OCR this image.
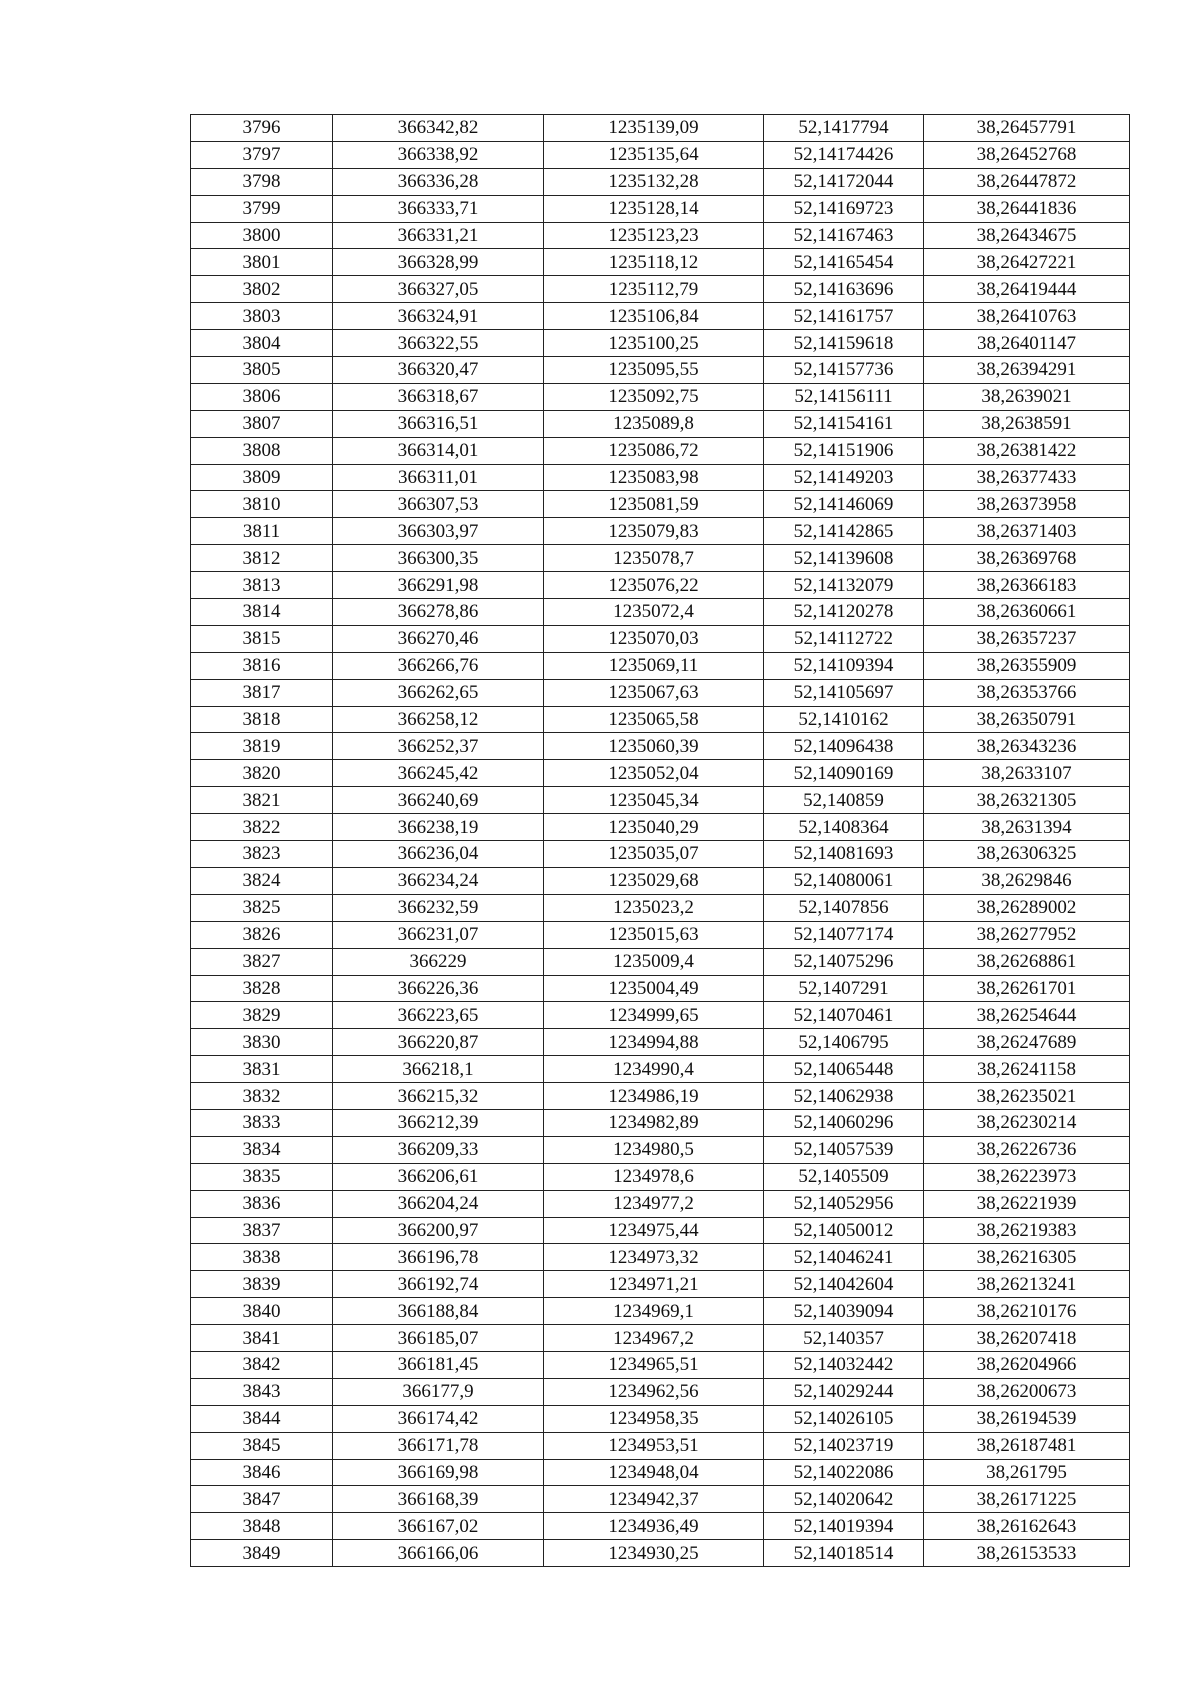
3796	366342,82	1235139,09	52,1417794	38,26457791
3797	366338,92	1235135,64	52,14174426	38,26452768
3798	366336,28	1235132,28	52,14172044	38,26447872
3799	366333,71	1235128,14	52,14169723	38,26441836
3800	366331,21	1235123,23	52,14167463	38,26434675
3801	366328,99	1235118,12	52,14165454	38,26427221
3802	366327,05	1235112,79	52,14163696	38,26419444
3803	366324,91	1235106,84	52,14161757	38,26410763
3804	366322,55	1235100,25	52,14159618	38,26401147
3805	366320,47	1235095,55	52,14157736	38,26394291
3806	366318,67	1235092,75	52,14156111	38,2639021
3807	366316,51	1235089,8	52,14154161	38,2638591
3808	366314,01	1235086,72	52,14151906	38,26381422
3809	366311,01	1235083,98	52,14149203	38,26377433
3810	366307,53	1235081,59	52,14146069	38,26373958
3811	366303,97	1235079,83	52,14142865	38,26371403
3812	366300,35	1235078,7	52,14139608	38,26369768
3813	366291,98	1235076,22	52,14132079	38,26366183
3814	366278,86	1235072,4	52,14120278	38,26360661
3815	366270,46	1235070,03	52,14112722	38,26357237
3816	366266,76	1235069,11	52,14109394	38,26355909
3817	366262,65	1235067,63	52,14105697	38,26353766
3818	366258,12	1235065,58	52,1410162	38,26350791
3819	366252,37	1235060,39	52,14096438	38,26343236
3820	366245,42	1235052,04	52,14090169	38,2633107
3821	366240,69	1235045,34	52,140859	38,26321305
3822	366238,19	1235040,29	52,1408364	38,2631394
3823	366236,04	1235035,07	52,14081693	38,26306325
3824	366234,24	1235029,68	52,14080061	38,2629846
3825	366232,59	1235023,2	52,1407856	38,26289002
3826	366231,07	1235015,63	52,14077174	38,26277952
3827	366229	1235009,4	52,14075296	38,26268861
3828	366226,36	1235004,49	52,1407291	38,26261701
3829	366223,65	1234999,65	52,14070461	38,26254644
3830	366220,87	1234994,88	52,1406795	38,26247689
3831	366218,1	1234990,4	52,14065448	38,26241158
3832	366215,32	1234986,19	52,14062938	38,26235021
3833	366212,39	1234982,89	52,14060296	38,26230214
3834	366209,33	1234980,5	52,14057539	38,26226736
3835	366206,61	1234978,6	52,1405509	38,26223973
3836	366204,24	1234977,2	52,14052956	38,26221939
3837	366200,97	1234975,44	52,14050012	38,26219383
3838	366196,78	1234973,32	52,14046241	38,26216305
3839	366192,74	1234971,21	52,14042604	38,26213241
3840	366188,84	1234969,1	52,14039094	38,26210176
3841	366185,07	1234967,2	52,140357	38,26207418
3842	366181,45	1234965,51	52,14032442	38,26204966
3843	366177,9	1234962,56	52,14029244	38,26200673
3844	366174,42	1234958,35	52,14026105	38,26194539
3845	366171,78	1234953,51	52,14023719	38,26187481
3846	366169,98	1234948,04	52,14022086	38,261795
3847	366168,39	1234942,37	52,14020642	38,26171225
3848	366167,02	1234936,49	52,14019394	38,26162643
3849	366166,06	1234930,25	52,14018514	38,26153533
